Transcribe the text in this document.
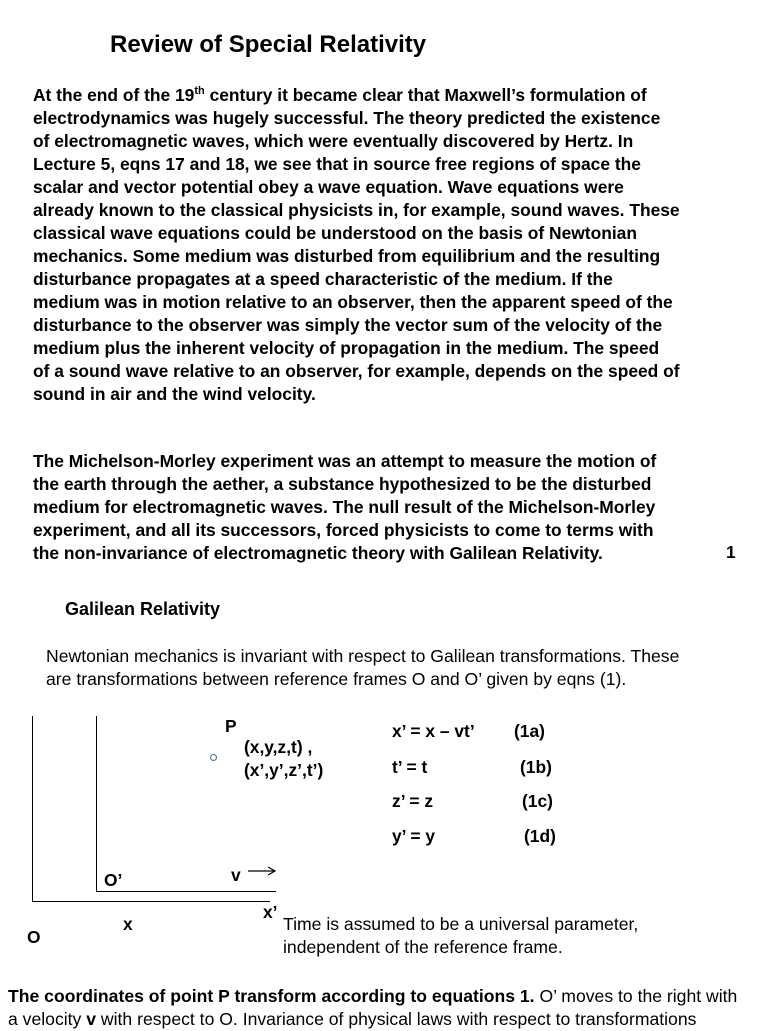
Review of Special Relativity
At the end of the 19th century it became clear that Maxwell’s formulation of
electrodynamics was hugely successful. The theory predicted the existence
of electromagnetic waves, which were eventually discovered by Hertz. In
Lecture 5, eqns 17 and 18, we see that in source free regions of space the
scalar and vector potential obey a wave equation. Wave equations were
already known to the classical physicists in, for example, sound waves. These
classical wave equations could be understood on the basis of Newtonian
mechanics. Some medium was disturbed from equilibrium and the resulting
disturbance propagates at a speed characteristic of the medium. If the
medium was in motion relative to an observer, then the apparent speed of the
disturbance to the observer was simply the vector sum of the velocity of the
medium plus the inherent velocity of propagation in the medium. The speed
of a sound wave relative to an observer, for example, depends on the speed of
sound in air and the wind velocity.
The Michelson-Morley experiment was an attempt to measure the motion of
the earth through the aether, a substance hypothesized to be the disturbed
medium for electromagnetic waves. The null result of the Michelson-Morley
experiment, and all its successors, forced physicists to come to terms with
the non-invariance of electromagnetic theory with Galilean Relativity.	1
Galilean Relativity
Newtonian mechanics is invariant with respect to Galilean transformations. These
are transformations between reference frames O and O’ given by eqns (1).
P
(x,y,z,t) ,
(x’,y’,z’,t’)
O’	v
x’
x
O
x’ = x – vt’ (1a)
t’ = t	(1b)
z’ = z	(1c)
y’ = y	(1d)
Time is assumed to be a universal parameter,
independent of the reference frame.
The coordinates of point P transform according to equations 1. O’ moves to the right with
a velocity v with respect to O. Invariance of physical laws with respect to transformations
